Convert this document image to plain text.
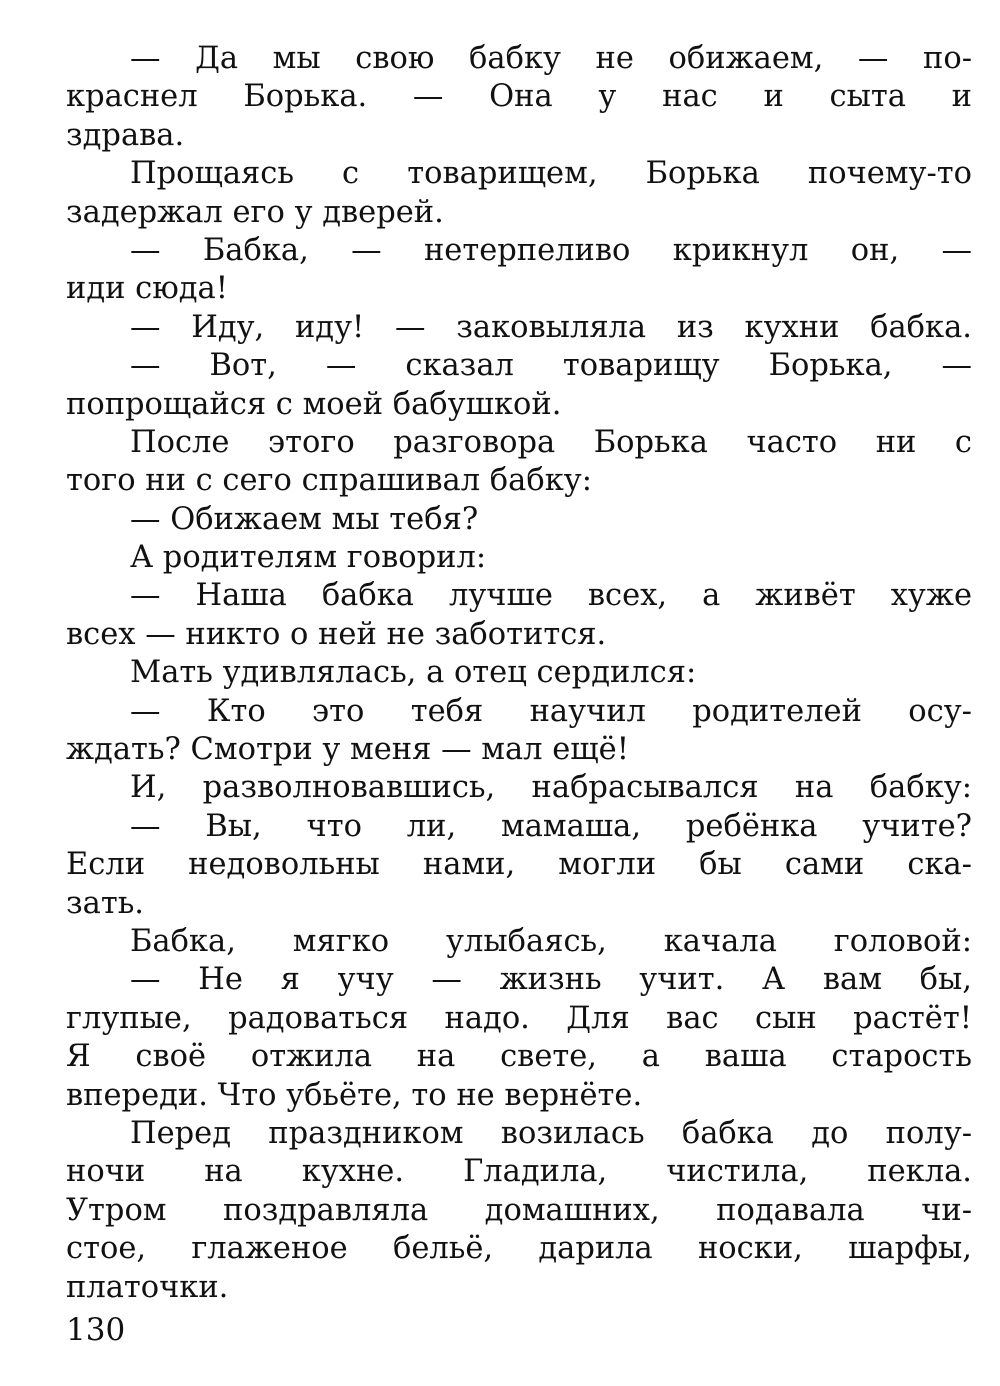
— Да мы свою бабку не обижаем, — по-
краснел Борька. — Она у нас и сыта и
здрава.
Прощаясь с товарищем, Борька почему-то
задержал его у дверей.
— Бабка, — нетерпеливо крикнул он, —
иди сюда!
— Иду, иду! — заковыляла из кухни бабка.
— Вот, — сказал товарищу Борька, —
попрощайся с моей бабушкой.
После этого разговора Борька часто ни с
того ни с сего спрашивал бабку:
— Обижаем мы тебя?
А родителям говорил:
— Наша бабка лучше всех, а живёт хуже
всех — никто о ней не заботится.
Мать удивлялась, а отец сердился:
— Кто это тебя научил родителей осу-
ждать? Смотри у меня — мал ещё!
И, разволновавшись, набрасывался на бабку:
— Вы, что ли, мамаша, ребёнка учите?
Если недовольны нами, могли бы сами ска-
зать.
Бабка, мягко улыбаясь, качала головой:
— Не я учу — жизнь учит. А вам бы,
глупые, радоваться надо. Для вас сын растёт!
Я своё отжила на свете, а ваша старость
впереди. Что убьёте, то не вернёте.
Перед праздником возилась бабка до полу-
ночи на кухне. Гладила, чистила, пекла.
Утром поздравляла домашних, подавала чи-
стое, глаженое бельё, дарила носки, шарфы,
платочки.
130
